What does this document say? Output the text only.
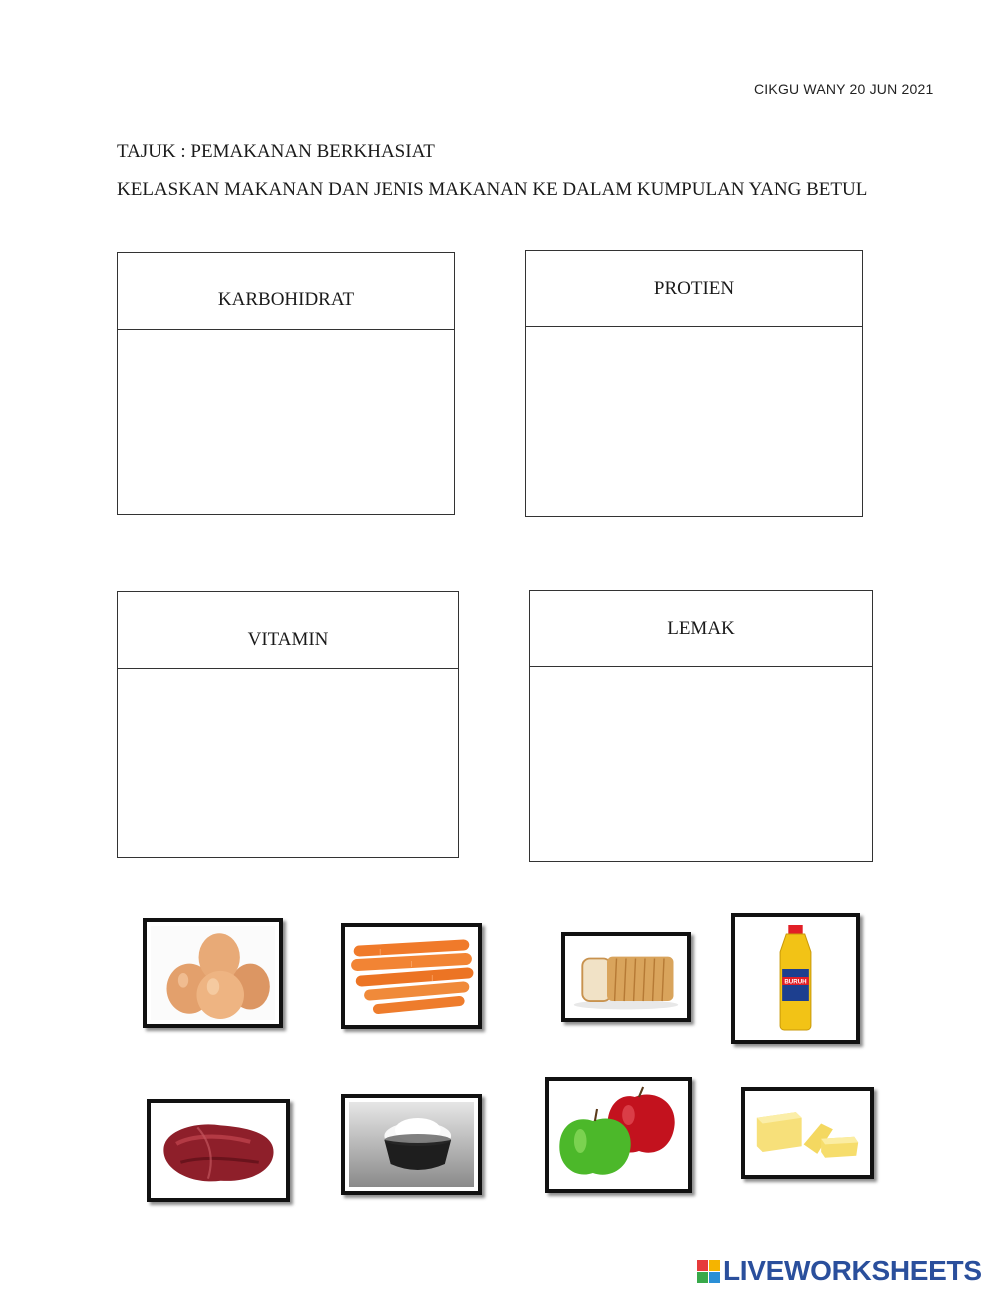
CIKGU WANY 20 JUN 2021
TAJUK : PEMAKANAN BERKHASIAT
KELASKAN MAKANAN DAN JENIS MAKANAN KE DALAM KUMPULAN YANG BETUL
KARBOHIDRAT
PROTIEN
VITAMIN
LEMAK
BURUH
LIVEWORKSHEETS
